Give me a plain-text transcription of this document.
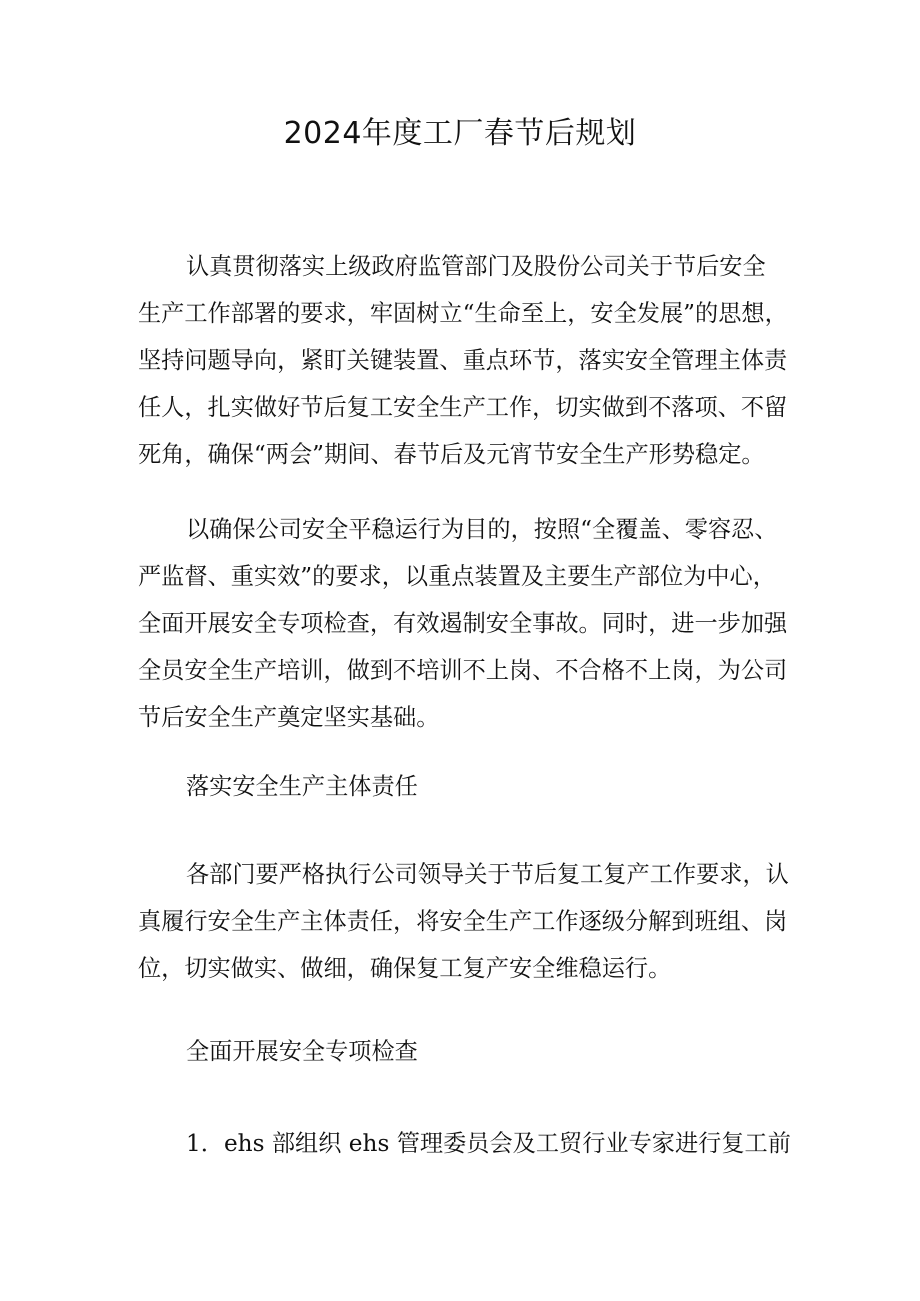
2024年度工厂春节后规划

认真贯彻落实上级政府监管部门及股份公司关于节后安全
生产工作部署的要求，牢固树立“生命至上，安全发展”的思想，
坚持问题导向，紧盯关键装置、重点环节，落实安全管理主体责
任人，扎实做好节后复工安全生产工作，切实做到不落项、不留
死角，确保“两会”期间、春节后及元宵节安全生产形势稳定。

以确保公司安全平稳运行为目的，按照“全覆盖、零容忍、
严监督、重实效”的要求，以重点装置及主要生产部位为中心，
全面开展安全专项检查，有效遏制安全事故。同时，进一步加强
全员安全生产培训，做到不培训不上岗、不合格不上岗，为公司
节后安全生产奠定坚实基础。

落实安全生产主体责任

各部门要严格执行公司领导关于节后复工复产工作要求，认
真履行安全生产主体责任，将安全生产工作逐级分解到班组、岗
位，切实做实、做细，确保复工复产安全维稳运行。

全面开展安全专项检查

1．ehs 部组织 ehs 管理委员会及工贸行业专家进行复工前
